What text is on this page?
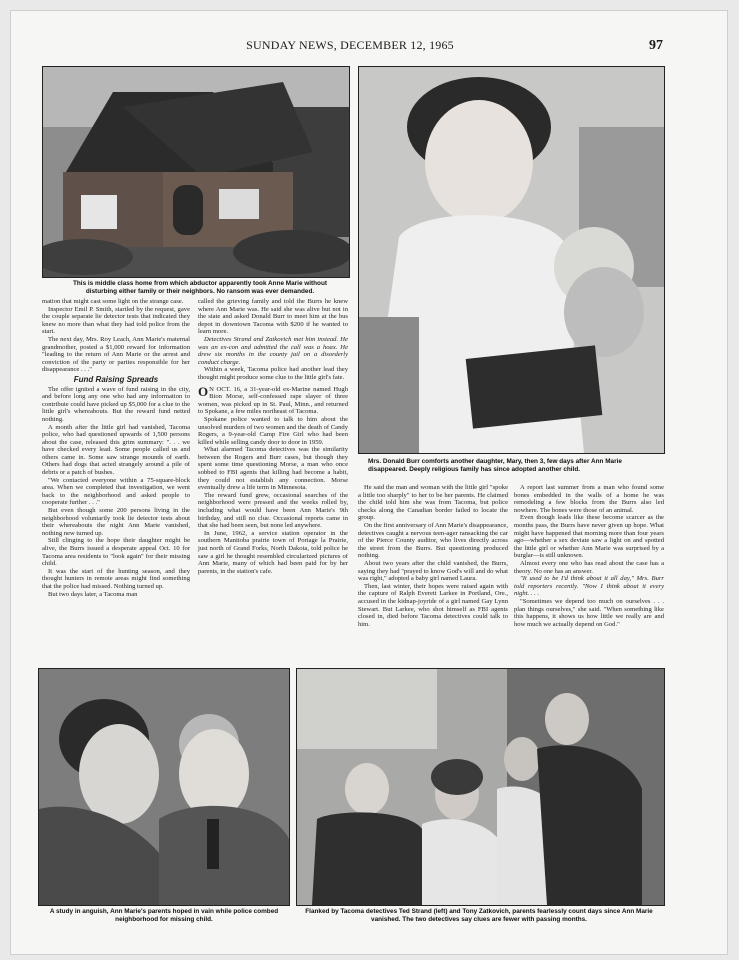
SUNDAY NEWS, DECEMBER 12, 1965	97
This is middle class home from which abductor apparently took Anne Marie without disturbing either family or their neighbors. No ransom was ever demanded.
Mrs. Donald Burr comforts another daughter, Mary, then 3, few days after Ann Marie disappeared. Deeply religious family has since adopted another child.

mation that might cast some light on the strange case.

Inspector Emil P. Smith, startled by the request, gave the couple separate lie detector tests that indicated they knew no more than what they had told police from the start.

The next day, Mrs. Roy Leach, Ann Marie's maternal grandmother, posted a $1,000 reward for information "leading to the return of Ann Marie or the arrest and conviction of the party or parties responsible for her disappearance . . ."

Fund Raising Spreads

The offer ignited a wave of fund raising in the city, and before long any one who had any information to contribute could have picked up $5,000 for a clue to the little girl's whereabouts. But the reward fund netted nothing.

A month after the little girl had vanished, Tacoma police, who had questioned upwards of 1,500 persons about the case, released this grim summary: ". . . we have checked every lead. Some people called us and others came in. Some saw strange mounds of earth. Others had dogs that acted strangely around a pile of debris or a patch of bushes.

"We contacted everyone within a 75-square-block area. When we completed that investigation, we went back to the neighborhood and asked people to cooperate further . . ."

But even though some 200 persons living in the neighborhood voluntarily took lie detector tests about their whereabouts the night Ann Marie vanished, nothing new turned up.

Still clinging to the hope their daughter might be alive, the Burrs issued a desperate appeal Oct. 10 for Tacoma area residents to "look again" for their missing child.

It was the start of the hunting season, and they thought hunters in remote areas might find something that the police had missed. Nothing turned up.

But two days later, a Tacoma man

called the grieving family and told the Burrs he knew where Ann Marie was. He said she was alive but not in the state and asked Donald Burr to meet him at the bus depot in downtown Tacoma with $200 if he wanted to learn more.

Detectives Strand and Zatkovich met him instead. He was an ex-con and admitted the call was a hoax. He drew six months in the county jail on a disorderly conduct charge.

Within a week, Tacoma police had another lead they thought might produce some clue to the little girl's fate.

O N OCT. 16, a 31-year-old ex-Marine named Hugh Bion Morse, self-confessed rape slayer of three women, was picked up in St. Paul, Minn., and returned to Spokane, a few miles northeast of Tacoma.

Spokane police wanted to talk to him about the unsolved murders of two women and the death of Candy Rogers, a 9-year-old Camp Fire Girl who had been killed while selling candy door to door in 1959.

What alarmed Tacoma detectives was the similarity between the Rogers and Burr cases, but though they spent some time questioning Morse, a man who once sobbed to FBI agents that killing had become a habit, they could not establish any connection. Morse eventually drew a life term in Minnesota.

The reward fund grew, occasional searches of the neighborhood were pressed and the weeks rolled by, including what would have been Ann Marie's 9th birthday, and still no clue. Occasional reports came in that she had been seen, but none led anywhere.

In June, 1962, a service station operator in the southern Manitoba prairie town of Portage la Prairie, just north of Grand Forks, North Dakota, told police he saw a girl he thought resembled circularized pictures of Ann Marie, many of which had been paid for by her parents, in the station's cafe.

He said the man and woman with the little girl "spoke a little too sharply" to her to be her parents. He claimed the child told him she was from Tacoma, but police checks along the Canadian border failed to locate the group.

On the first anniversary of Ann Marie's disappearance, detectives caught a nervous teen-ager ransacking the car of the Pierce County auditor, who lives directly across the street from the Burrs. But questioning produced nothing.

About two years after the child vanished, the Burrs, saying they had "prayed to know God's will and do what was right," adopted a baby girl named Laura.

Then, last winter, their hopes were raised again with the capture of Ralph Everett Larkee in Portland, Ore., accused in the kidnap-joyride of a girl named Gay Lynn Stewart. But Larkee, who shot himself as FBI agents closed in, died before Tacoma detectives could talk to him.

A report last summer from a man who found some bones embedded in the walls of a home he was remodeling a few blocks from the Burrs also led nowhere. The bones were those of an animal.

Even though leads like these become scarcer as the months pass, the Burrs have never given up hope. What might have happened that morning more than four years ago—whether a sex deviate saw a light on and spotted the little girl or whether Ann Marie was surprised by a burglar—is still unknown.

Almost every one who has read about the case has a theory. No one has an answer.

"It used to be I'd think about it all day," Mrs. Burr told reporters recently. "Now I think about it every night. . . .

"Sometimes we depend too much on ourselves . . . plan things ourselves," she said. "When something like this happens, it shows us how little we really are and how much we actually depend on God."

A study in anguish, Ann Marie's parents hoped in vain while police combed neighborhood for missing child.
Flanked by Tacoma detectives Ted Strand (left) and Tony Zatkovich, parents fearlessly count days since Ann Marie vanished. The two detectives say clues are fewer with passing months.
